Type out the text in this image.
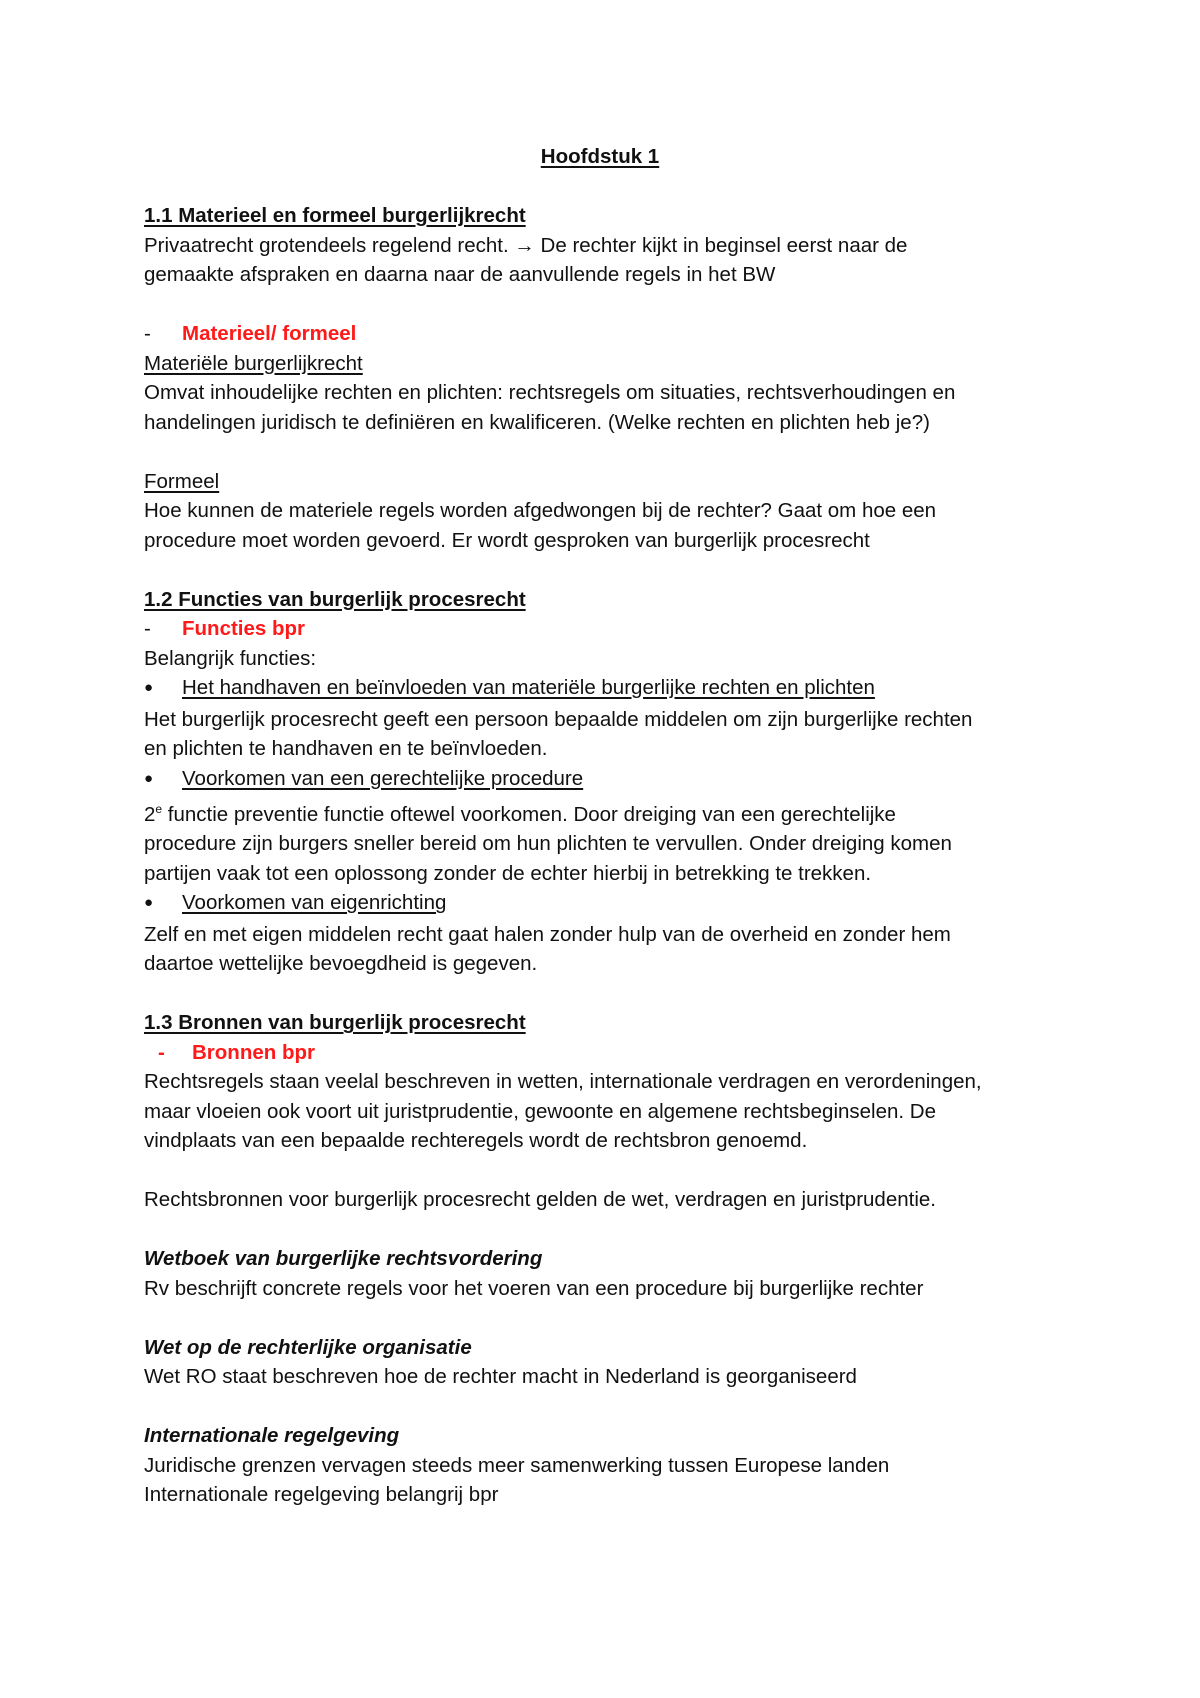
Hoofdstuk 1
1.1 Materieel en formeel burgerlijkrecht
Privaatrecht grotendeels regelend recht. → De rechter kijkt in beginsel eerst naar de
gemaakte afspraken en daarna naar de aanvullende regels in het BW
- Materieel/ formeel
Materiële burgerlijkrecht
Omvat inhoudelijke rechten en plichten: rechtsregels om situaties, rechtsverhoudingen en
handelingen juridisch te definiëren en kwalificeren. (Welke rechten en plichten heb je?)
Formeel
Hoe kunnen de materiele regels worden afgedwongen bij de rechter? Gaat om hoe een
procedure moet worden gevoerd. Er wordt gesproken van burgerlijk procesrecht
1.2 Functies van burgerlijk procesrecht
- Functies bpr
Belangrijk functies:
●Het handhaven en beïnvloeden van materiële burgerlijke rechten en plichten
Het burgerlijk procesrecht geeft een persoon bepaalde middelen om zijn burgerlijke rechten
en plichten te handhaven en te beïnvloeden.
●Voorkomen van een gerechtelijke procedure
2e functie preventie functie oftewel voorkomen. Door dreiging van een gerechtelijke
procedure zijn burgers sneller bereid om hun plichten te vervullen. Onder dreiging komen
partijen vaak tot een oplossong zonder de echter hierbij in betrekking te trekken.
●Voorkomen van eigenrichting
Zelf en met eigen middelen recht gaat halen zonder hulp van de overheid en zonder hem
daartoe wettelijke bevoegdheid is gegeven.
1.3 Bronnen van burgerlijk procesrecht
- Bronnen bpr
Rechtsregels staan veelal beschreven in wetten, internationale verdragen en verordeningen,
maar vloeien ook voort uit juristprudentie, gewoonte en algemene rechtsbeginselen. De
vindplaats van een bepaalde rechteregels wordt de rechtsbron genoemd.
Rechtsbronnen voor burgerlijk procesrecht gelden de wet, verdragen en juristprudentie.
Wetboek van burgerlijke rechtsvordering
Rv beschrijft concrete regels voor het voeren van een procedure bij burgerlijke rechter
Wet op de rechterlijke organisatie
Wet RO staat beschreven hoe de rechter macht in Nederland is georganiseerd
Internationale regelgeving
Juridische grenzen vervagen steeds meer samenwerking tussen Europese landen
Internationale regelgeving belangrij bpr
